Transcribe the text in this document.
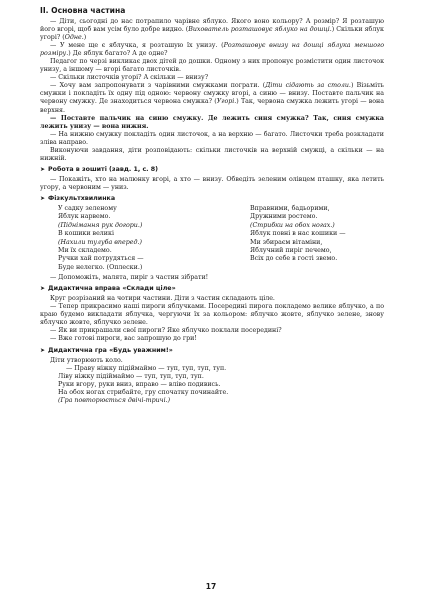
II. Основна частина

— Діти, сьогодні до нас потрапило чарівне яблуко. Якого воно кольору? А розмір? Я розташую його вгорі, щоб вам усім було добре видно. (Вихователь розташовує яблуко на дошці.) Скільки яблук угорі? (Одне.)

— У мене ще є яблучка, я розташую їх унизу. (Розташовує внизу на дошці яблука меншого розміру.) Де яблук багато? А де одне?

Педагог по черзі викликає двох дітей до дошки. Одному з них пропонує розмістити один листочок унизу, а іншому — вгорі багато листочків.

— Скільки листочків угорі? А скільки — внизу?

— Хочу вам запропонувати з чарівними смужками пограти. (Діти сідають за столи.) Візьміть смужки і покладіть їх одну під одною: червону смужку вгорі, а синю — внизу. Поставте пальчик на червону смужку. Де знаходиться червона смужка? (Угорі.) Так, червона смужка лежить угорі — вона верхня.

— Поставте пальчик на синю смужку. Де лежить синя смужка? Так, синя смужка лежить унизу — вона нижня.

— На нижню смужку покладіть один листочок, а на верхню — багато. Листочки треба розкладати зліва направо.

Виконуючи завдання, діти розповідають: скільки листочків на верхній смужці, а скільки — на нижній.

➤ Робота в зошиті (завд. 1, с. 8)

— Покажіть, хто на малюнку вгорі, а хто — внизу. Обведіть зеленим олівцем пташку, яка летить угору, а червоним — униз.

➤ Фізкультхвилинка

У садку зеленому

Яблук нарвемо.

(Піднімання рук догори.)

В кошики великі

(Нахили тулуба вперед.)

Ми їх складемо.

Ручки хай потрудяться —

Буде нелегко. (Оплески.)

Вправними, бадьорими,

Дружними ростемо.

(Стрибки на обох ногах.)

Яблук повні в нас кошики —

Ми збираєм вітаміни,

Яблучний пиріг печемо,

Всіх до себе в гості звемо.

— Допоможіть, малята, пиріг з частин зібрати!

➤ Дидактична вправа «Склади ціле»

Круг розрізаний на чотири частини. Діти з частин складають ціле.

— Тепер прикрасимо наші пироги яблучками. Посередині пирога покладемо велике яблучко, а по краю будемо викладати яблучка, чергуючи їх за кольором: яблучко жовте, яблучко зелене, знову яблучко жовте, яблучко зелене.

— Як ви прикрашали свої пироги? Яке яблучко поклали посередині?

— Вже готові пироги, вас запрошую до гри!

➤ Дидактична гра «Будь уважним!»

Діти утворюють коло.

— Праву ніжку підіймаймо — туп, туп, туп, туп.

Ліву ніжку підіймаймо — туп, туп, туп, туп.

Руки вгору, руки вниз, вправо — вліво подивись.

На обох ногах стрибайте, гру спочатку починайте.

(Гра повторюється двічі-тричі.)

17
